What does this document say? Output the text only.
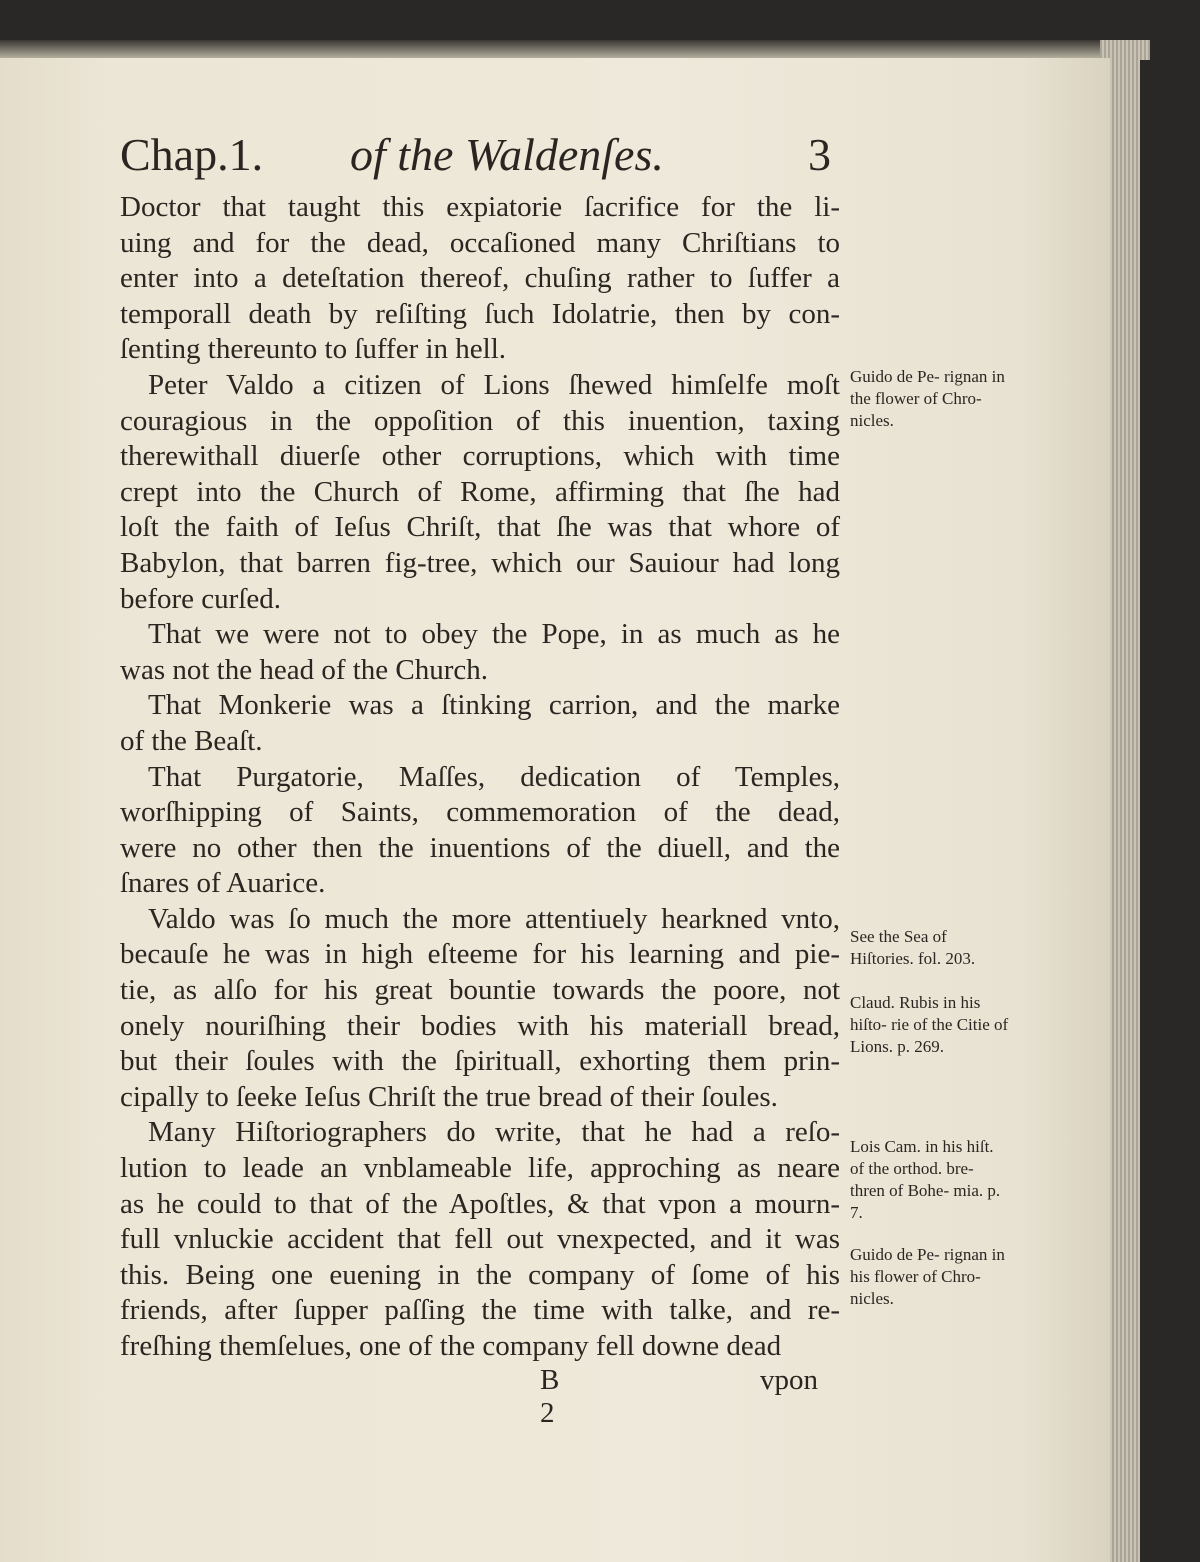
Chap.1. of the Waldenſes.	3
Doctor that taught this expiatorie ſacrifice for the li-
uing and for the dead, occaſioned many Chriſtians to
enter into a deteſtation thereof, chuſing rather to ſuffer a
temporall death by reſiſting ſuch Idolatrie, then by con-
ſenting thereunto to ſuffer in hell.
Peter Valdo a citizen of Lions ſhewed himſelfe moſt
couragious in the oppoſition of this inuention, taxing
therewithall diuerſe other corruptions, which with time
crept into the Church of Rome, affirming that ſhe had
loſt the faith of Ieſus Chriſt, that ſhe was that whore of
Babylon, that barren fig-tree, which our Sauiour had long
before curſed.
That we were not to obey the Pope, in as much as he
was not the head of the Church.
That Monkerie was a ſtinking carrion, and the marke
of the Beaſt.
That Purgatorie, Maſſes, dedication of Temples,
worſhipping of Saints, commemoration of the dead,
were no other then the inuentions of the diuell, and the
ſnares of Auarice.
Valdo was ſo much the more attentiuely hearkned vnto,
becauſe he was in high eſteeme for his learning and pie-
tie, as alſo for his great bountie towards the poore, not
onely nouriſhing their bodies with his materiall bread,
but their ſoules with the ſpirituall, exhorting them prin-
cipally to ſeeke Ieſus Chriſt the true bread of their ſoules.
Many Hiſtoriographers do write, that he had a reſo-
lution to leade an vnblameable life, approching as neare
as he could to that of the Apoſtles, & that vpon a mourn-
full vnluckie accident that fell out vnexpected, and it was
this. Being one euening in the company of ſome of his
friends, after ſupper paſſing the time with talke, and re-
freſhing themſelues, one of the company fell downe dead
Guido de Pe- rignan in the flower of Chro- nicles.
See the Sea of Hiſtories. fol. 203.
Claud. Rubis in his hiſto- rie of the Citie of Lions. p. 269.
Lois Cam. in his hiſt. of the orthod. bre- thren of Bohe- mia. p. 7.
Guido de Pe- rignan in his flower of Chro- nicles.
B 2
vpon
